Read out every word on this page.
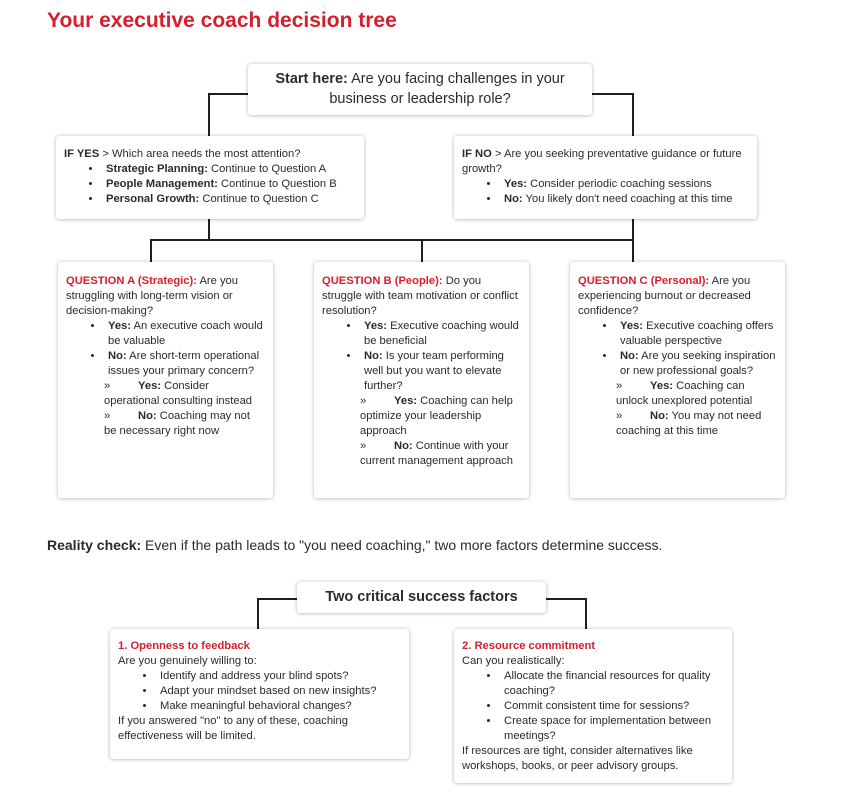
Your executive coach decision tree
Start here: Are you facing challenges in your business or leadership role?
IF YES > Which area needs the most attention?
• Strategic Planning: Continue to Question A
• People Management: Continue to Question B
• Personal Growth: Continue to Question C
IF NO > Are you seeking preventative guidance or future growth?
• Yes: Consider periodic coaching sessions
• No: You likely don't need coaching at this time
QUESTION A (Strategic): Are you struggling with long-term vision or decision-making?
• Yes: An executive coach would be valuable
• No: Are short-term operational issues your primary concern?
» Yes: Consider operational consulting instead
» No: Coaching may not be necessary right now
QUESTION B (People): Do you struggle with team motivation or conflict resolution?
• Yes: Executive coaching would be beneficial
• No: Is your team performing well but you want to elevate further?
» Yes: Coaching can help optimize your leadership approach
» No: Continue with your current management approach
QUESTION C (Personal): Are you experiencing burnout or decreased confidence?
• Yes: Executive coaching offers valuable perspective
• No: Are you seeking inspiration or new professional goals?
» Yes: Coaching can unlock unexplored potential
» No: You may not need coaching at this time
Reality check: Even if the path leads to "you need coaching," two more factors determine success.
Two critical success factors
1. Openness to feedback
Are you genuinely willing to:
• Identify and address your blind spots?
• Adapt your mindset based on new insights?
• Make meaningful behavioral changes?
If you answered "no" to any of these, coaching effectiveness will be limited.
2. Resource commitment
Can you realistically:
• Allocate the financial resources for quality coaching?
• Commit consistent time for sessions?
• Create space for implementation between meetings?
If resources are tight, consider alternatives like workshops, books, or peer advisory groups.
